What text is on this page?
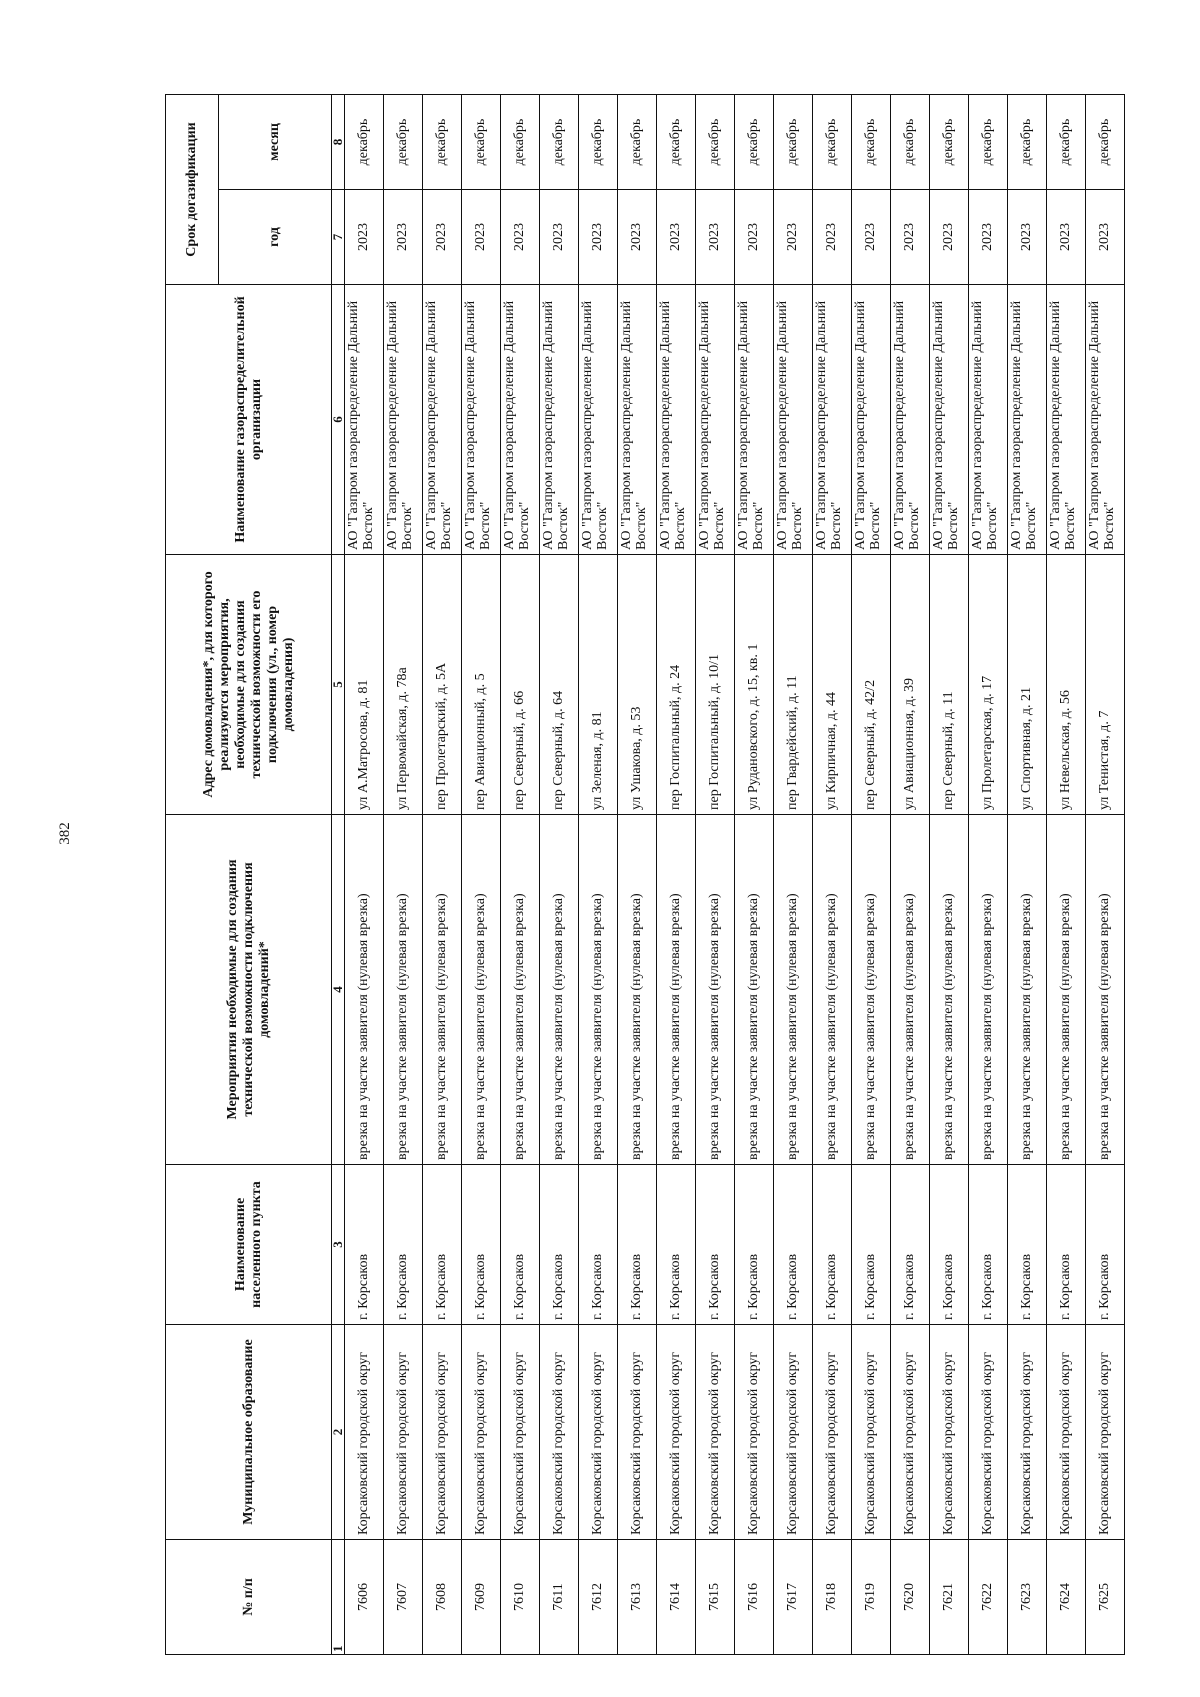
382
№ п/п	Муниципальное образование	Наименование населенного пункта	Мероприятия необходимые для создания технической возможности подключения домовладений*	Адрес домовладения*, для которого реализуются мероприятия, необходимые для создания технической возможности его подключения (ул., номер домовладения)	Наименование газораспределительной организации	Срок догазификации	
						год	месяц
1	2	3	4	5	6	7	8
7606	Корсаковский городской округ	г. Корсаков	врезка на участке заявителя (нулевая врезка)	ул А.Матросова, д. 81	АО "Газпром газораспределение Дальний Восток"	2023	декабрь
7607	Корсаковский городской округ	г. Корсаков	врезка на участке заявителя (нулевая врезка)	ул Первомайская, д. 78а	АО "Газпром газораспределение Дальний Восток"	2023	декабрь
7608	Корсаковский городской округ	г. Корсаков	врезка на участке заявителя (нулевая врезка)	пер Пролетарский, д. 5А	АО "Газпром газораспределение Дальний Восток"	2023	декабрь
7609	Корсаковский городской округ	г. Корсаков	врезка на участке заявителя (нулевая врезка)	пер Авиационный, д. 5	АО "Газпром газораспределение Дальний Восток"	2023	декабрь
7610	Корсаковский городской округ	г. Корсаков	врезка на участке заявителя (нулевая врезка)	пер Северный, д. 66	АО "Газпром газораспределение Дальний Восток"	2023	декабрь
7611	Корсаковский городской округ	г. Корсаков	врезка на участке заявителя (нулевая врезка)	пер Северный, д. 64	АО "Газпром газораспределение Дальний Восток"	2023	декабрь
7612	Корсаковский городской округ	г. Корсаков	врезка на участке заявителя (нулевая врезка)	ул Зеленая, д. 81	АО "Газпром газораспределение Дальний Восток"	2023	декабрь
7613	Корсаковский городской округ	г. Корсаков	врезка на участке заявителя (нулевая врезка)	ул Ушакова, д. 53	АО "Газпром газораспределение Дальний Восток"	2023	декабрь
7614	Корсаковский городской округ	г. Корсаков	врезка на участке заявителя (нулевая врезка)	пер Госпитальный, д. 24	АО "Газпром газораспределение Дальний Восток"	2023	декабрь
7615	Корсаковский городской округ	г. Корсаков	врезка на участке заявителя (нулевая врезка)	пер Госпитальный, д. 10/1	АО "Газпром газораспределение Дальний Восток"	2023	декабрь
7616	Корсаковский городской округ	г. Корсаков	врезка на участке заявителя (нулевая врезка)	ул Рудановского, д. 15, кв. 1	АО "Газпром газораспределение Дальний Восток"	2023	декабрь
7617	Корсаковский городской округ	г. Корсаков	врезка на участке заявителя (нулевая врезка)	пер Гвардейский, д. 11	АО "Газпром газораспределение Дальний Восток"	2023	декабрь
7618	Корсаковский городской округ	г. Корсаков	врезка на участке заявителя (нулевая врезка)	ул Кирпичная, д. 44	АО "Газпром газораспределение Дальний Восток"	2023	декабрь
7619	Корсаковский городской округ	г. Корсаков	врезка на участке заявителя (нулевая врезка)	пер Северный, д. 42/2	АО "Газпром газораспределение Дальний Восток"	2023	декабрь
7620	Корсаковский городской округ	г. Корсаков	врезка на участке заявителя (нулевая врезка)	ул Авиационная, д. 39	АО "Газпром газораспределение Дальний Восток"	2023	декабрь
7621	Корсаковский городской округ	г. Корсаков	врезка на участке заявителя (нулевая врезка)	пер Северный, д. 11	АО "Газпром газораспределение Дальний Восток"	2023	декабрь
7622	Корсаковский городской округ	г. Корсаков	врезка на участке заявителя (нулевая врезка)	ул Пролетарская, д. 17	АО "Газпром газораспределение Дальний Восток"	2023	декабрь
7623	Корсаковский городской округ	г. Корсаков	врезка на участке заявителя (нулевая врезка)	ул Спортивная, д. 21	АО "Газпром газораспределение Дальний Восток"	2023	декабрь
7624	Корсаковский городской округ	г. Корсаков	врезка на участке заявителя (нулевая врезка)	ул Невельская, д. 56	АО "Газпром газораспределение Дальний Восток"	2023	декабрь
7625	Корсаковский городской округ	г. Корсаков	врезка на участке заявителя (нулевая врезка)	ул Тенистая, д. 7	АО "Газпром газораспределение Дальний Восток"	2023	декабрь
